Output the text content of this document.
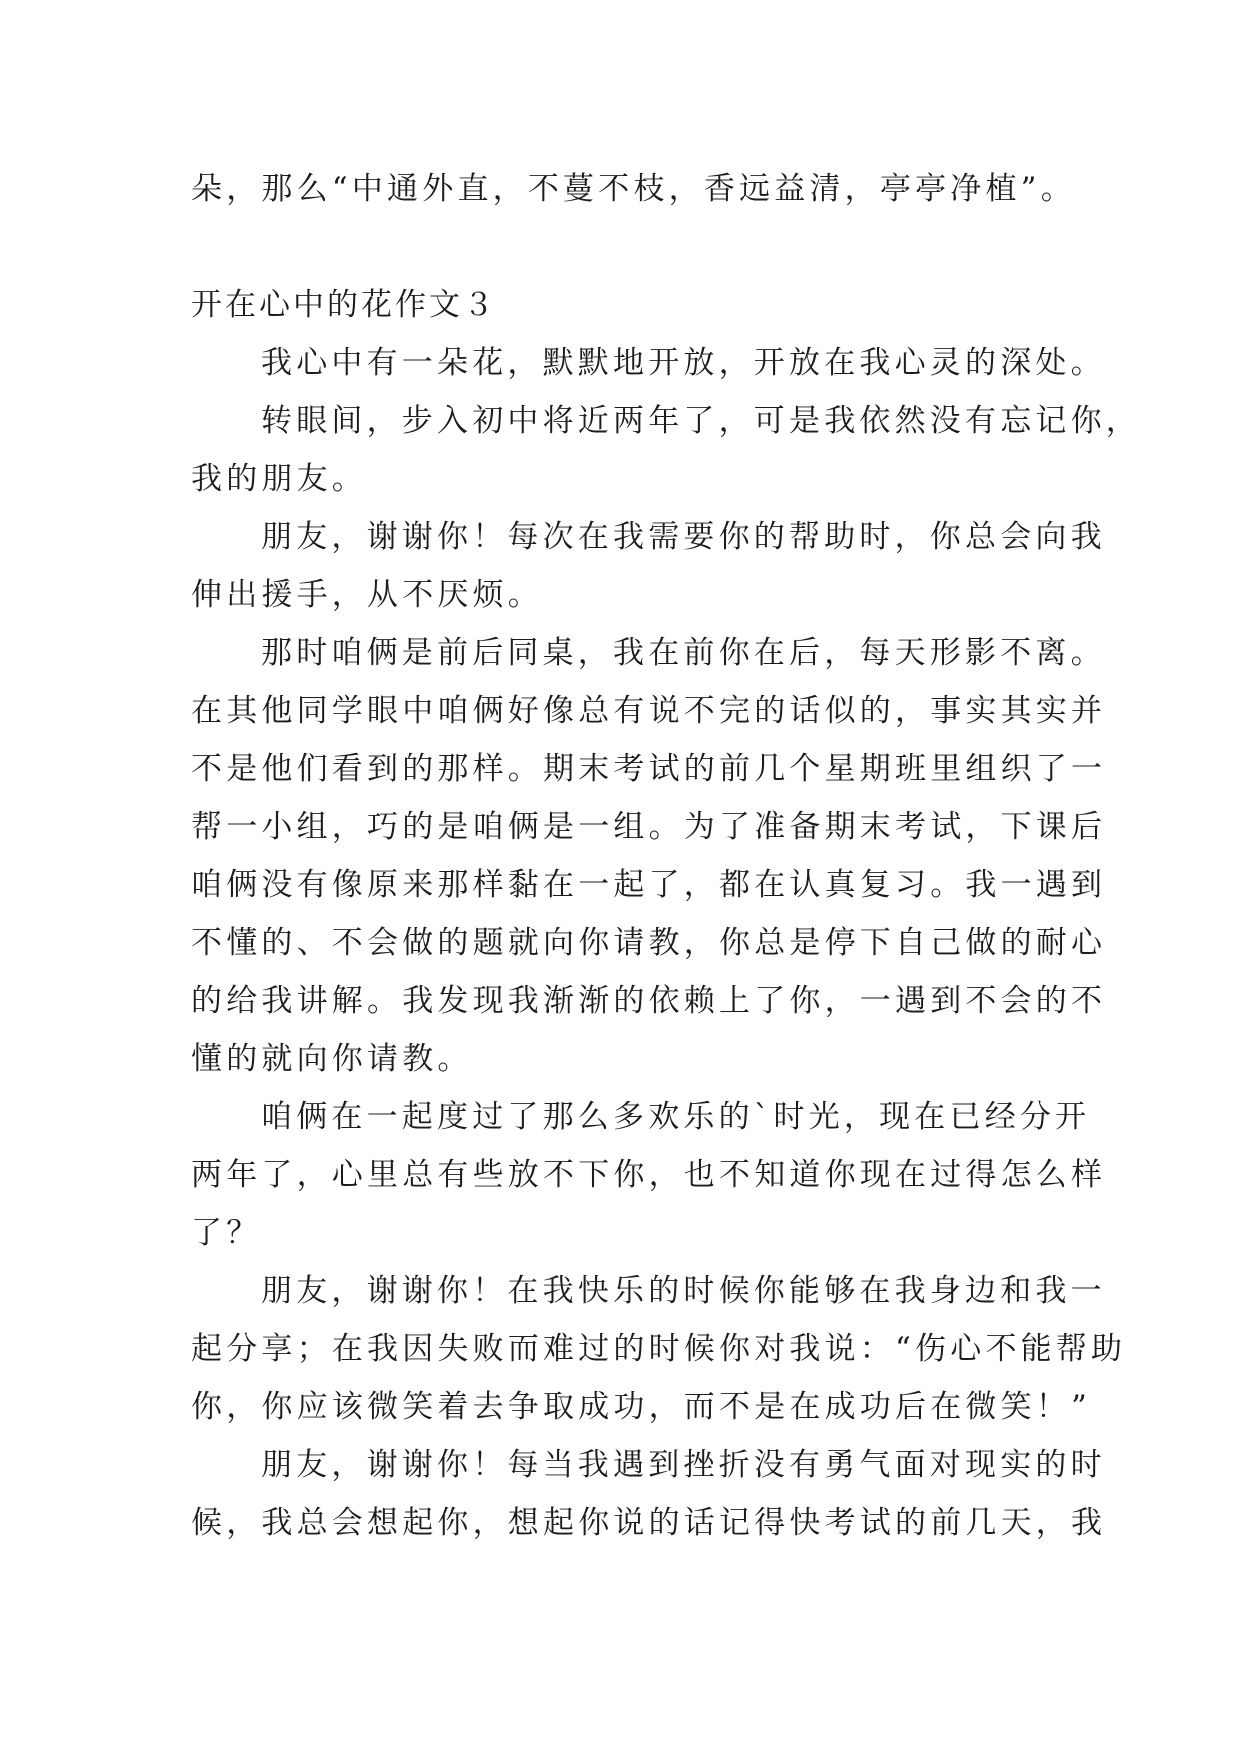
朵，那么“中通外直，不蔓不枝，香远益清，亭亭净植”。
开在心中的花作文３
我心中有一朵花，默默地开放，开放在我心灵的深处。
转眼间，步入初中将近两年了，可是我依然没有忘记你，
我的朋友。
朋友，谢谢你！每次在我需要你的帮助时，你总会向我
伸出援手，从不厌烦。
那时咱俩是前后同桌，我在前你在后，每天形影不离。
在其他同学眼中咱俩好像总有说不完的话似的，事实其实并
不是他们看到的那样。期末考试的前几个星期班里组织了一
帮一小组，巧的是咱俩是一组。为了准备期末考试，下课后
咱俩没有像原来那样黏在一起了，都在认真复习。我一遇到
不懂的、不会做的题就向你请教，你总是停下自己做的耐心
的给我讲解。我发现我渐渐的依赖上了你，一遇到不会的不
懂的就向你请教。
咱俩在一起度过了那么多欢乐的`时光，现在已经分开
两年了，心里总有些放不下你，也不知道你现在过得怎么样
了？
朋友，谢谢你！在我快乐的时候你能够在我身边和我一
起分享；在我因失败而难过的时候你对我说：“伤心不能帮助
你，你应该微笑着去争取成功，而不是在成功后在微笑！”
朋友，谢谢你！每当我遇到挫折没有勇气面对现实的时
候，我总会想起你，想起你说的话记得快考试的前几天，我
